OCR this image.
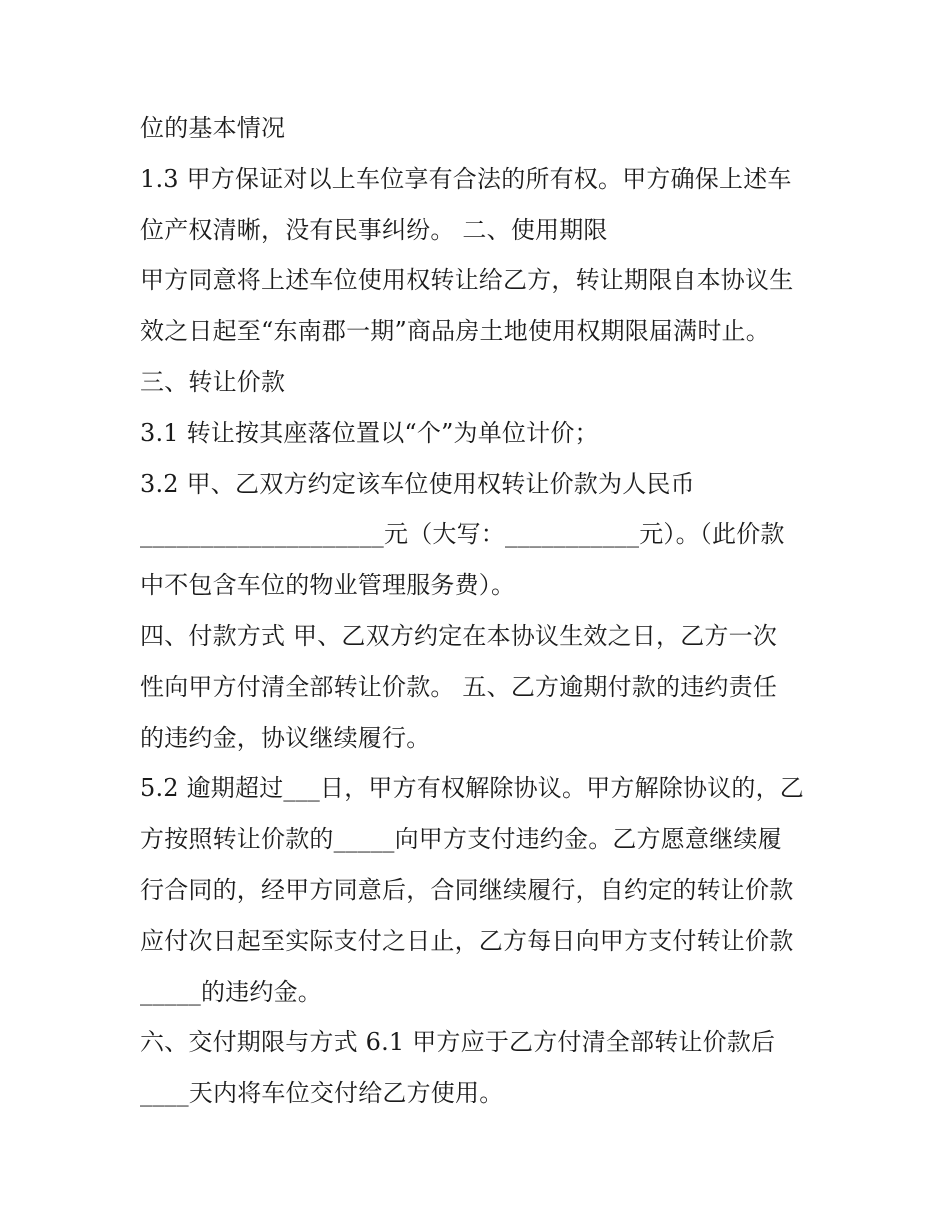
位的基本情况
1.3 甲方保证对以上车位享有合法的所有权。甲方确保上述车
位产权清晰，没有民事纠纷。 二、使用期限
甲方同意将上述车位使用权转让给乙方，转让期限自本协议生
效之日起至“东南郡一期”商品房土地使用权期限届满时止。
三、转让价款
3.1 转让按其座落位置以“个”为单位计价；
3.2 甲、乙双方约定该车位使用权转让价款为人民币
____________________元（大写：___________元）。（此价款
中不包含车位的物业管理服务费）。
四、付款方式 甲、乙双方约定在本协议生效之日，乙方一次
性向甲方付清全部转让价款。 五、乙方逾期付款的违约责任
的违约金，协议继续履行。
5.2 逾期超过___日，甲方有权解除协议。甲方解除协议的，乙
方按照转让价款的_____向甲方支付违约金。乙方愿意继续履
行合同的，经甲方同意后，合同继续履行，自约定的转让价款
应付次日起至实际支付之日止，乙方每日向甲方支付转让价款
_____的违约金。
六、交付期限与方式 6.1 甲方应于乙方付清全部转让价款后
____天内将车位交付给乙方使用。
